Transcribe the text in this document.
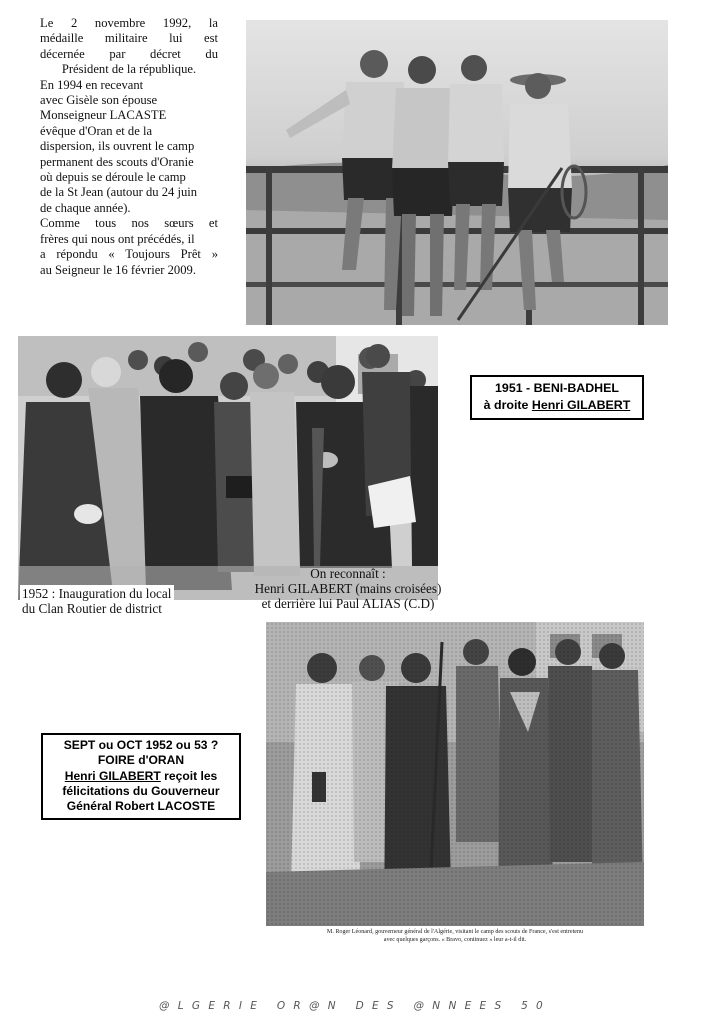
Le 2 novembre 1992, la
médaille militaire lui est
décernée par décret du
Président de la république.
En 1994 en recevant
avec Gisèle son épouse
Monseigneur LACASTE
évêque d'Oran et de la
dispersion, ils ouvrent le camp
permanent des scouts d'Oranie
où depuis se déroule le camp
de la St Jean (autour du 24 juin
de chaque année).
Comme tous nos sœurs et
frères qui nous ont précédés, il
a répondu « Toujours Prêt »
au Seigneur le 16 février 2009.
1951 - BENI-BADHEL
à droite Henri GILABERT
1952 : Inauguration du local
du Clan Routier de district
On reconnaît :
Henri GILABERT (mains croisées)
et derrière lui Paul ALIAS (C.D)
SEPT ou OCT 1952 ou 53 ?
FOIRE d'ORAN
Henri GILABERT reçoit les
félicitations du Gouverneur
Général Robert LACOSTE
M. Roger Léonard, gouverneur général de l'Algérie, visitant le camp des scouts de France, s'est entretenu
avec quelques garçons. « Bravo, continuez » leur a-t-il dit.
@LGERIE OR@N DES @NNEES 50
